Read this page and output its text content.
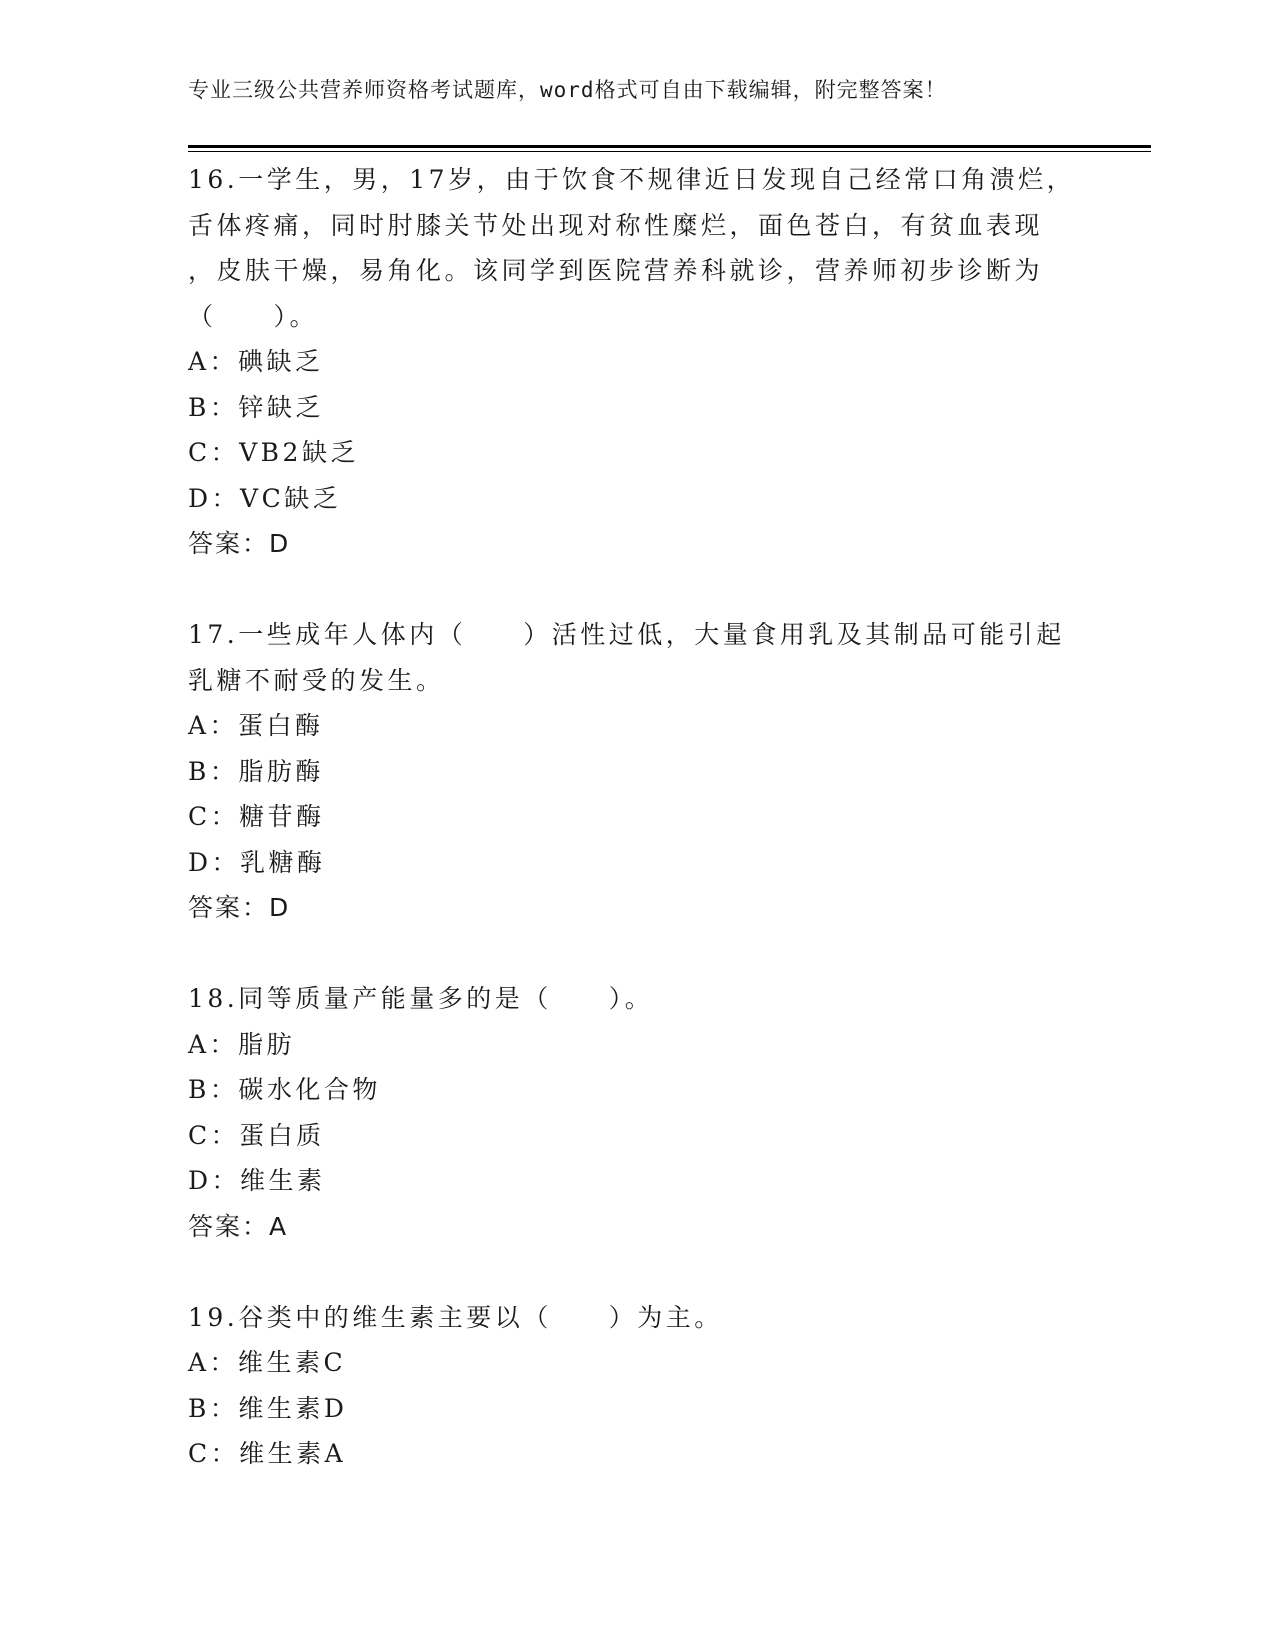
专业三级公共营养师资格考试题库，word格式可自由下载编辑，附完整答案！
16.一学生，男，17岁，由于饮食不规律近日发现自己经常口角溃烂，
舌体疼痛，同时肘膝关节处出现对称性糜烂，面色苍白，有贫血表现
，皮肤干燥，易角化。该同学到医院营养科就诊，营养师初步诊断为
（　　）。
A：碘缺乏
B：锌缺乏
C：VB2缺乏
D：VC缺乏
答案：D
17.一些成年人体内（　　）活性过低，大量食用乳及其制品可能引起
乳糖不耐受的发生。
A：蛋白酶
B：脂肪酶
C：糖苷酶
D：乳糖酶
答案：D
18.同等质量产能量多的是（　　）。
A：脂肪
B：碳水化合物
C：蛋白质
D：维生素
答案：A
19.谷类中的维生素主要以（　　）为主。
A：维生素C
B：维生素D
C：维生素A
